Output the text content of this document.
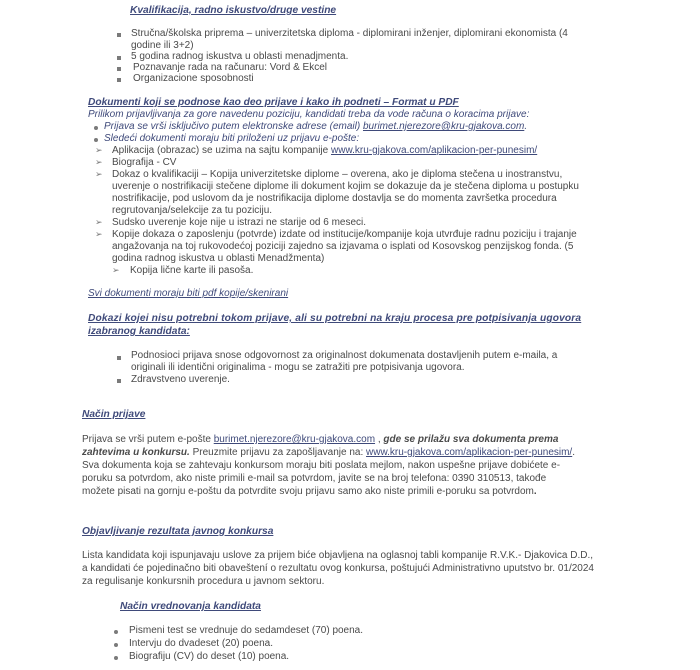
Kvalifikacija, radno iskustvo/druge vestine
Stručna/školska priprema – univerzitetska diploma - diplomirani inženjer, diplomirani ekonomista (4
godine ili 3+2)
5 godina radnog iskustva u oblasti menadjmenta.
Poznavanje rada na računaru: Vord & Ekcel
Organizacione sposobnosti
Dokumenti koji se podnose kao deo prijave i kako ih podneti – Format u PDF
Prilikom prijavljivanja za gore navedenu poziciju, kandidati treba da vode računa o koracima prijave:
Prijava se vrši isključivo putem elektronske adrese (email) burimet.njerezore@kru-gjakova.com.
Sledeći dokumenti moraju biti priloženi uz prijavu e-pošte:
➢ Aplikacija (obrazac) se uzima na sajtu kompanije www.kru-gjakova.com/aplikacion-per-punesim/
➢ Biografija - CV
➢ Dokaz o kvalifikaciji – Kopija univerzitetske diplome – overena, ako je diploma stečena u inostranstvu,
uverenje o nostrifikaciji stečene diplome ili dokument kojim se dokazuje da je stečena diploma u postupku
nostrifikacije, pod uslovom da je nostrifikacija diplome dostavlja se do momenta završetka procedura
regrutovanja/selekcije za tu poziciju.
➢ Sudsko uverenje koje nije u istrazi ne starije od 6 meseci.
➢ Kopije dokaza o zaposlenju (potvrde) izdate od institucije/kompanije koja utvrđuje radnu poziciju i trajanje
angažovanja na toj rukovodećoj poziciji zajedno sa izjavama o isplati od Kosovskog penzijskog fonda. (5
godina radnog iskustva u oblasti Menadžmenta)
➢ Kopija lične karte ili pasoša.
Svi dokumenti moraju biti pdf kopije/skenirani
Dokazi kojei nisu potrebni tokom prijave, ali su potrebni na kraju procesa pre potpisivanja ugovora
izabranog kandidata:
Podnosioci prijava snose odgovornost za originalnost dokumenata dostavljenih putem e-maila, a
originali ili identični originalima - mogu se zatražiti pre potpisivanja ugovora.
Zdravstveno uverenje.
Način prijave
Prijava se vrši putem e-pošte burimet.njerezore@kru-gjakova.com , gde se prilažu sva dokumenta prema
zahtevima u konkursu. Preuzmite prijavu za zapošljavanje na: www.kru-gjakova.com/aplikacion-per-punesim/.
Sva dokumenta koja se zahtevaju konkursom moraju biti poslata mejlom, nakon uspešne prijave dobićete e-
poruku sa potvrdom, ako niste primili e-mail sa potvrdom, javite se na broj telefona: 0390 310513, takođe
možete pisati na gornju e-poštu da potvrdite svoju prijavu samo ako niste primili e-poruku sa potvrdom.
Objavljivanje rezultata javnog konkursa
Lista kandidata koji ispunjavaju uslove za prijem biće objavljena na oglasnoj tabli kompanije R.V.K.- Djakovica D.D.,
a kandidati će pojedinačno biti obaveštení o rezultatu ovog konkursa, poštujući Administrativno uputstvo br. 01/2024
za regulisanje konkursnih procedura u javnom sektoru.
Način vrednovanja kandidata
Pismeni test se vrednuje do sedamdeset (70) poena.
Intervju do dvadeset (20) poena.
Biografiju (CV) do deset (10) poena.
